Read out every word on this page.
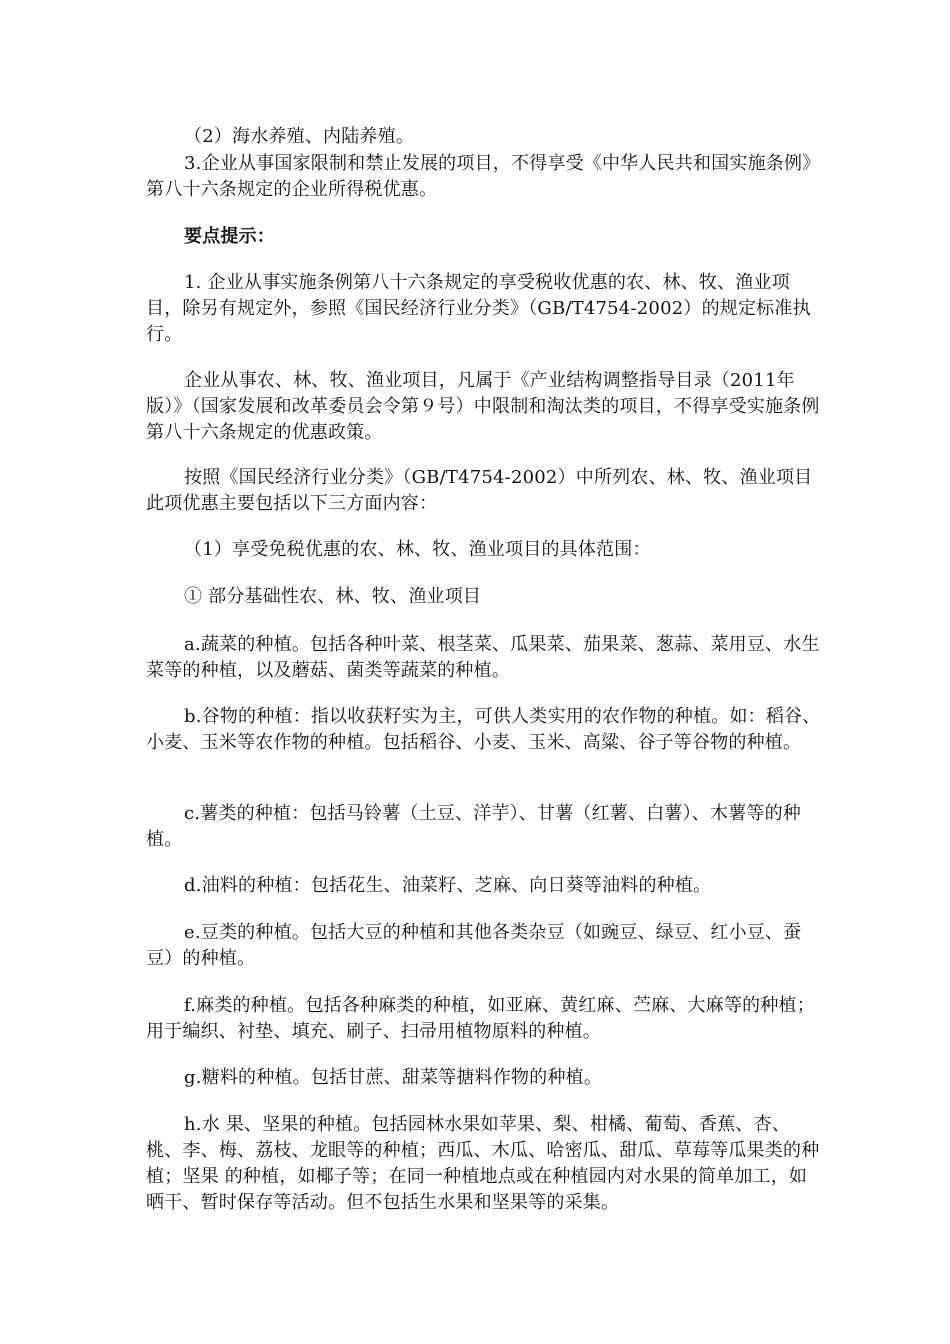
（2）海水养殖、内陆养殖。

3.企业从事国家限制和禁止发展的项目，不得享受《中华人民共和国实施条例》第八十六条规定的企业所得税优惠。

要点提示：

1. 企业从事实施条例第八十六条规定的享受税收优惠的农、林、牧、渔业项目，除另有规定外，参照《国民经济行业分类》（GB/T4754-2002）的规定标准执行。

企业从事农、林、牧、渔业项目，凡属于《产业结构调整指导目录（2011年版）》（国家发展和改革委员会令第９号）中限制和淘汰类的项目，不得享受实施条例第八十六条规定的优惠政策。

按照《国民经济行业分类》（GB/T4754-2002）中所列农、林、牧、渔业项目此项优惠主要包括以下三方面内容：

（1）享受免税优惠的农、林、牧、渔业项目的具体范围：

① 部分基础性农、林、牧、渔业项目

a.蔬菜的种植。包括各种叶菜、根茎菜、瓜果菜、茄果菜、葱蒜、菜用豆、水生菜等的种植，以及蘑菇、菌类等蔬菜的种植。

b.谷物的种植：指以收获籽实为主，可供人类实用的农作物的种植。如：稻谷、小麦、玉米等农作物的种植。包括稻谷、小麦、玉米、高粱、谷子等谷物的种植。

c.薯类的种植：包括马铃薯（土豆、洋芋）、甘薯（红薯、白薯）、木薯等的种植。

d.油料的种植：包括花生、油菜籽、芝麻、向日葵等油料的种植。

e.豆类的种植。包括大豆的种植和其他各类杂豆（如豌豆、绿豆、红小豆、蚕豆）的种植。

f.麻类的种植。包括各种麻类的种植，如亚麻、黄红麻、苎麻、大麻等的种植；用于编织、衬垫、填充、刷子、扫帚用植物原料的种植。

g.糖料的种植。包括甘蔗、甜菜等搪料作物的种植。

h.水 果、坚果的种植。包括园林水果如苹果、梨、柑橘、葡萄、香蕉、杏、桃、李、梅、荔枝、龙眼等的种植；西瓜、木瓜、哈密瓜、甜瓜、草莓等瓜果类的种植；坚果 的种植，如椰子等；在同一种植地点或在种植园内对水果的简单加工，如晒干、暂时保存等活动。但不包括生水果和坚果等的采集。
